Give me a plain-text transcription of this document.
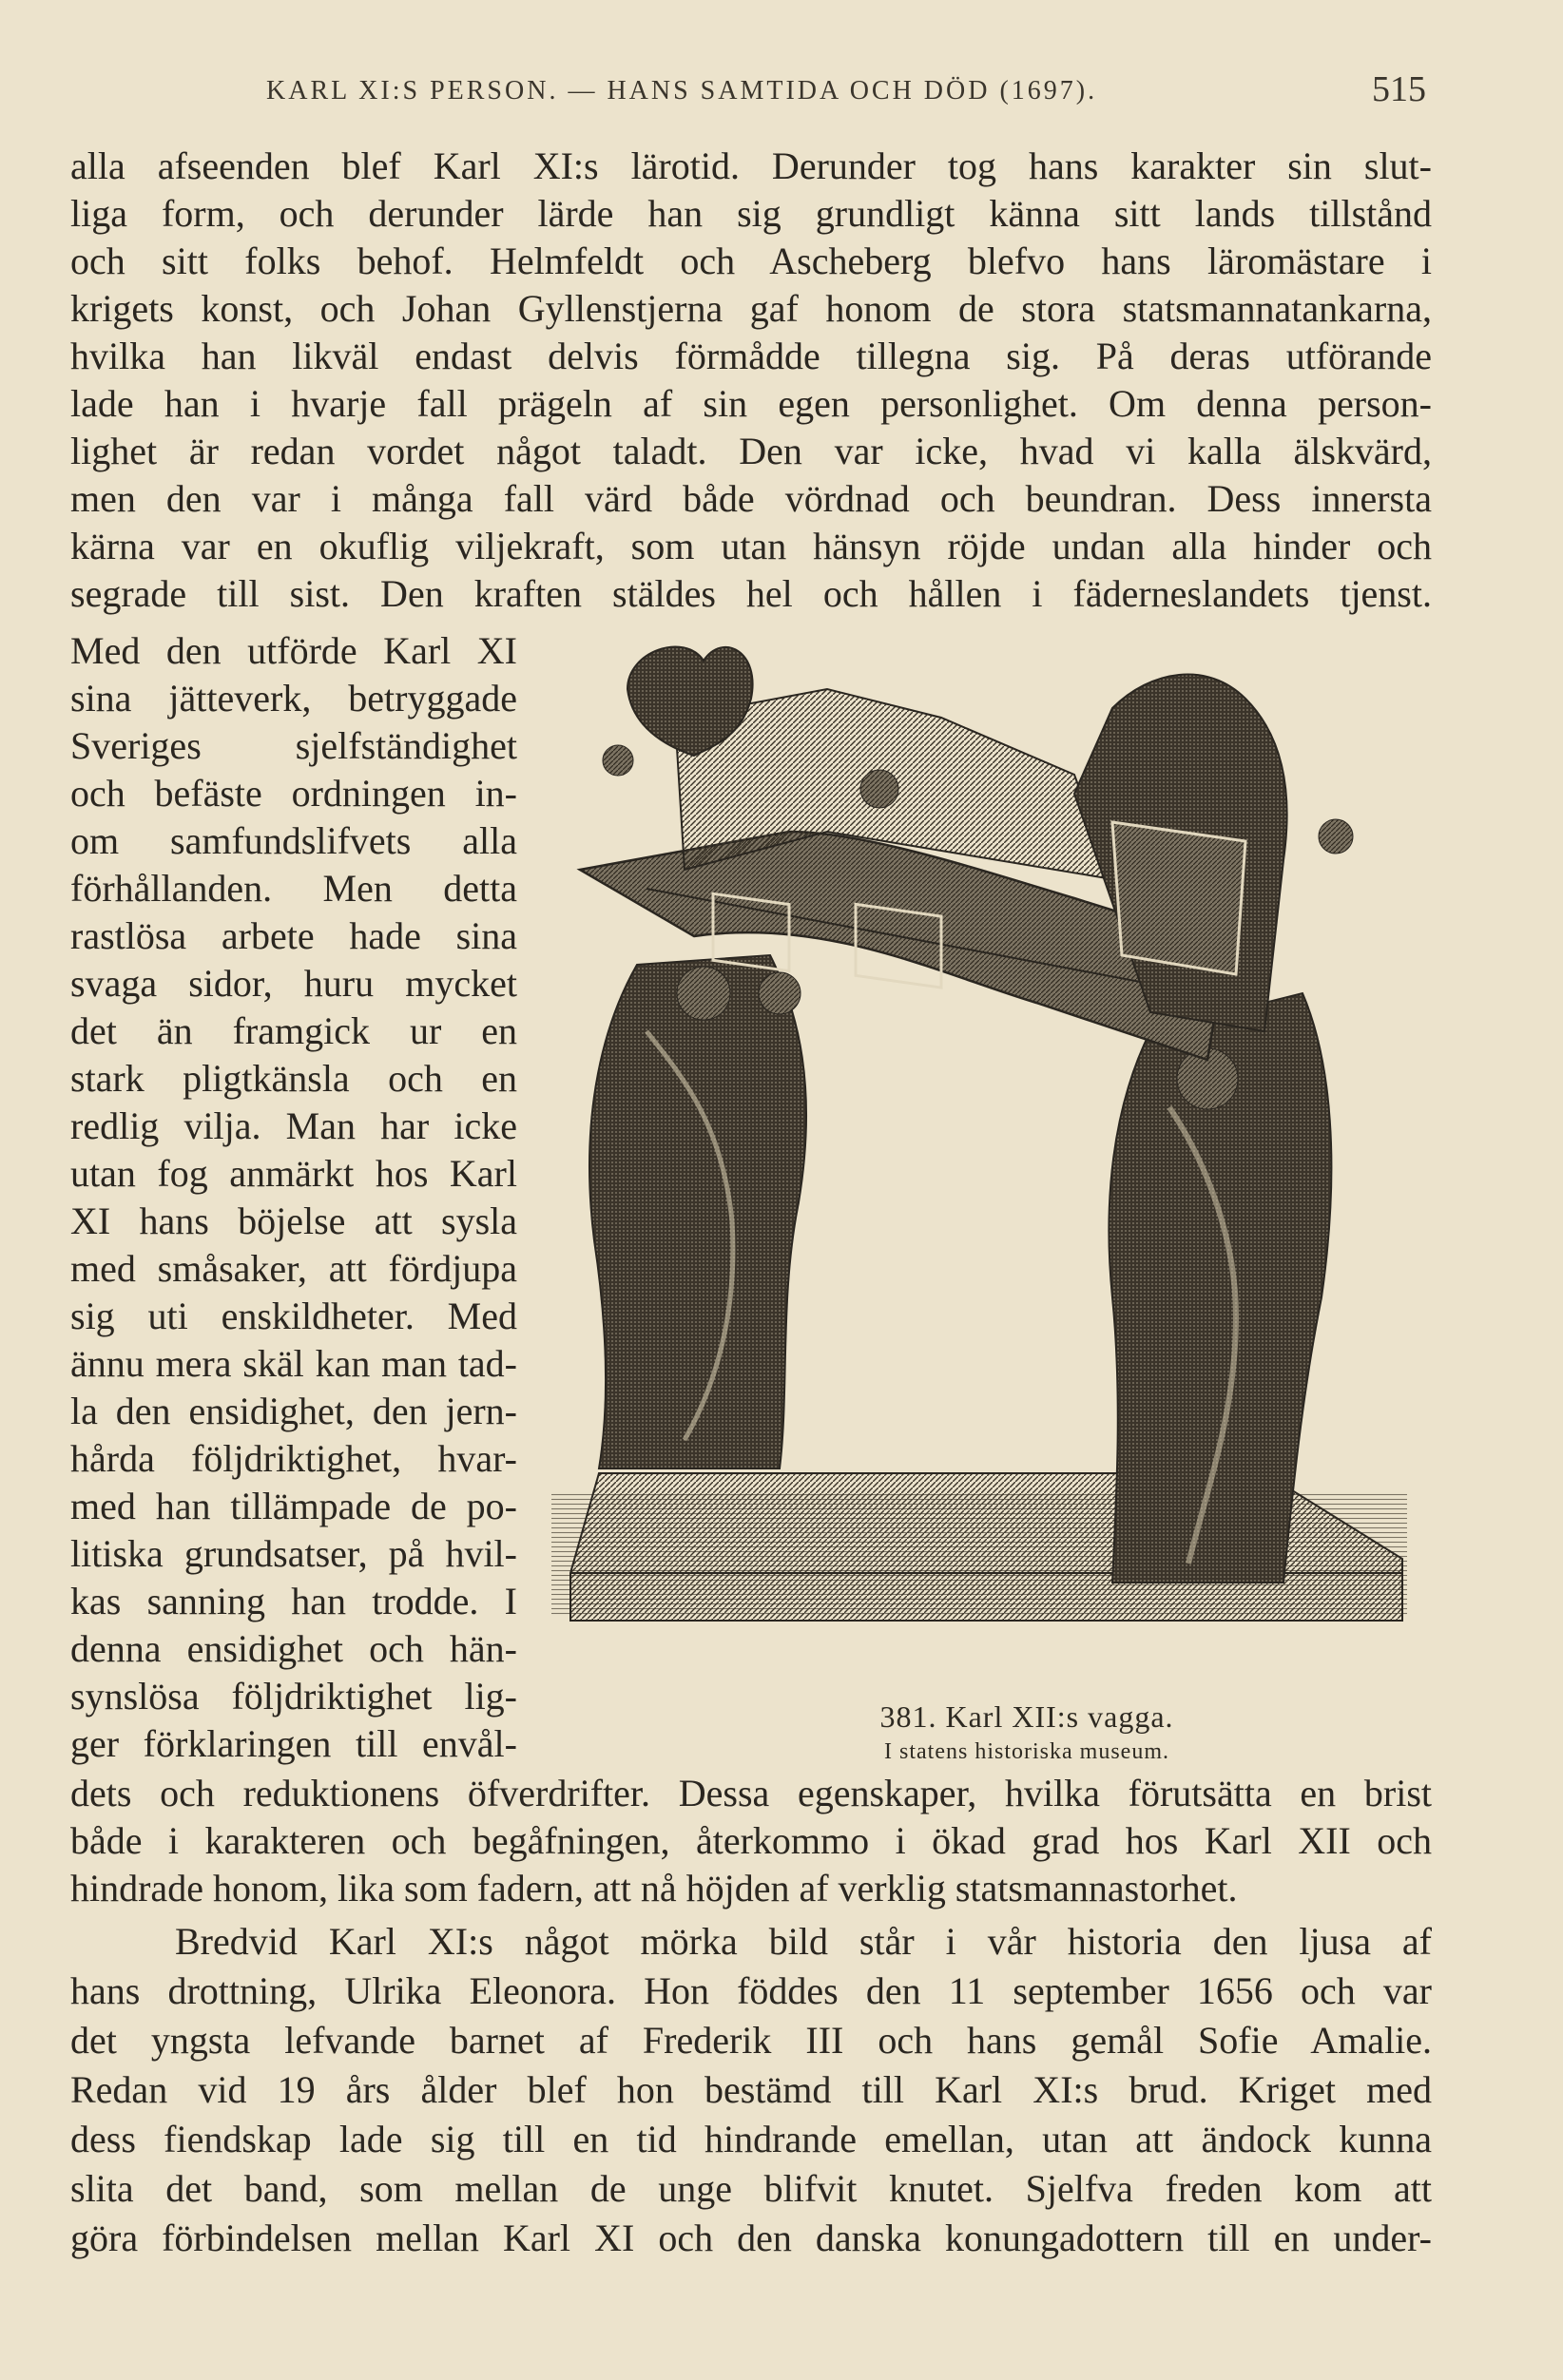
KARL XI:S PERSON. — HANS SAMTIDA OCH DÖD (1697).	515
alla afseenden blef Karl XI:s lärotid. Derunder tog hans karakter sin slut-
liga form, och derunder lärde han sig grundligt känna sitt lands tillstånd
och sitt folks behof. Helmfeldt och Ascheberg blefvo hans läromästare i
krigets konst, och Johan Gyllenstjerna gaf honom de stora statsmannatankarna,
hvilka han likväl endast delvis förmådde tillegna sig. På deras utförande
lade han i hvarje fall prägeln af sin egen personlighet. Om denna person-
lighet är redan vordet något taladt. Den var icke, hvad vi kalla älskvärd,
men den var i många fall värd både vördnad och beundran. Dess innersta
kärna var en okuflig viljekraft, som utan hänsyn röjde undan alla hinder och
segrade till sist. Den kraften stäldes hel och hållen i fäderneslandets tjenst.
Med den utförde Karl XI
sina jätteverk, betryggade
Sveriges sjelfständighet
och befäste ordningen in-
om samfundslifvets alla
förhållanden. Men detta
rastlösa arbete hade sina
svaga sidor, huru mycket
det än framgick ur en
stark pligtkänsla och en
redlig vilja. Man har icke
utan fog anmärkt hos Karl
XI hans böjelse att sysla
med småsaker, att fördjupa
sig uti enskildheter. Med
ännu mera skäl kan man tad-
la den ensidighet, den jern-
hårda följdriktighet, hvar-
med han tillämpade de po-
litiska grundsatser, på hvil-
kas sanning han trodde. I
denna ensidighet och hän-
synslösa följdriktighet lig-
ger förklaringen till envål-
381. Karl XII:s vagga.
I statens historiska museum.
dets och reduktionens öfverdrifter. Dessa egenskaper, hvilka förutsätta en brist
både i karakteren och begåfningen, återkommo i ökad grad hos Karl XII och
hindrade honom, lika som fadern, att nå höjden af verklig statsmannastorhet.
Bredvid Karl XI:s något mörka bild står i vår historia den ljusa af
hans drottning, Ulrika Eleonora. Hon föddes den 11 september 1656 och var
det yngsta lefvande barnet af Frederik III och hans gemål Sofie Amalie.
Redan vid 19 års ålder blef hon bestämd till Karl XI:s brud. Kriget med
dess fiendskap lade sig till en tid hindrande emellan, utan att ändock kunna
slita det band, som mellan de unge blifvit knutet. Sjelfva freden kom att
göra förbindelsen mellan Karl XI och den danska konungadottern till en under-
